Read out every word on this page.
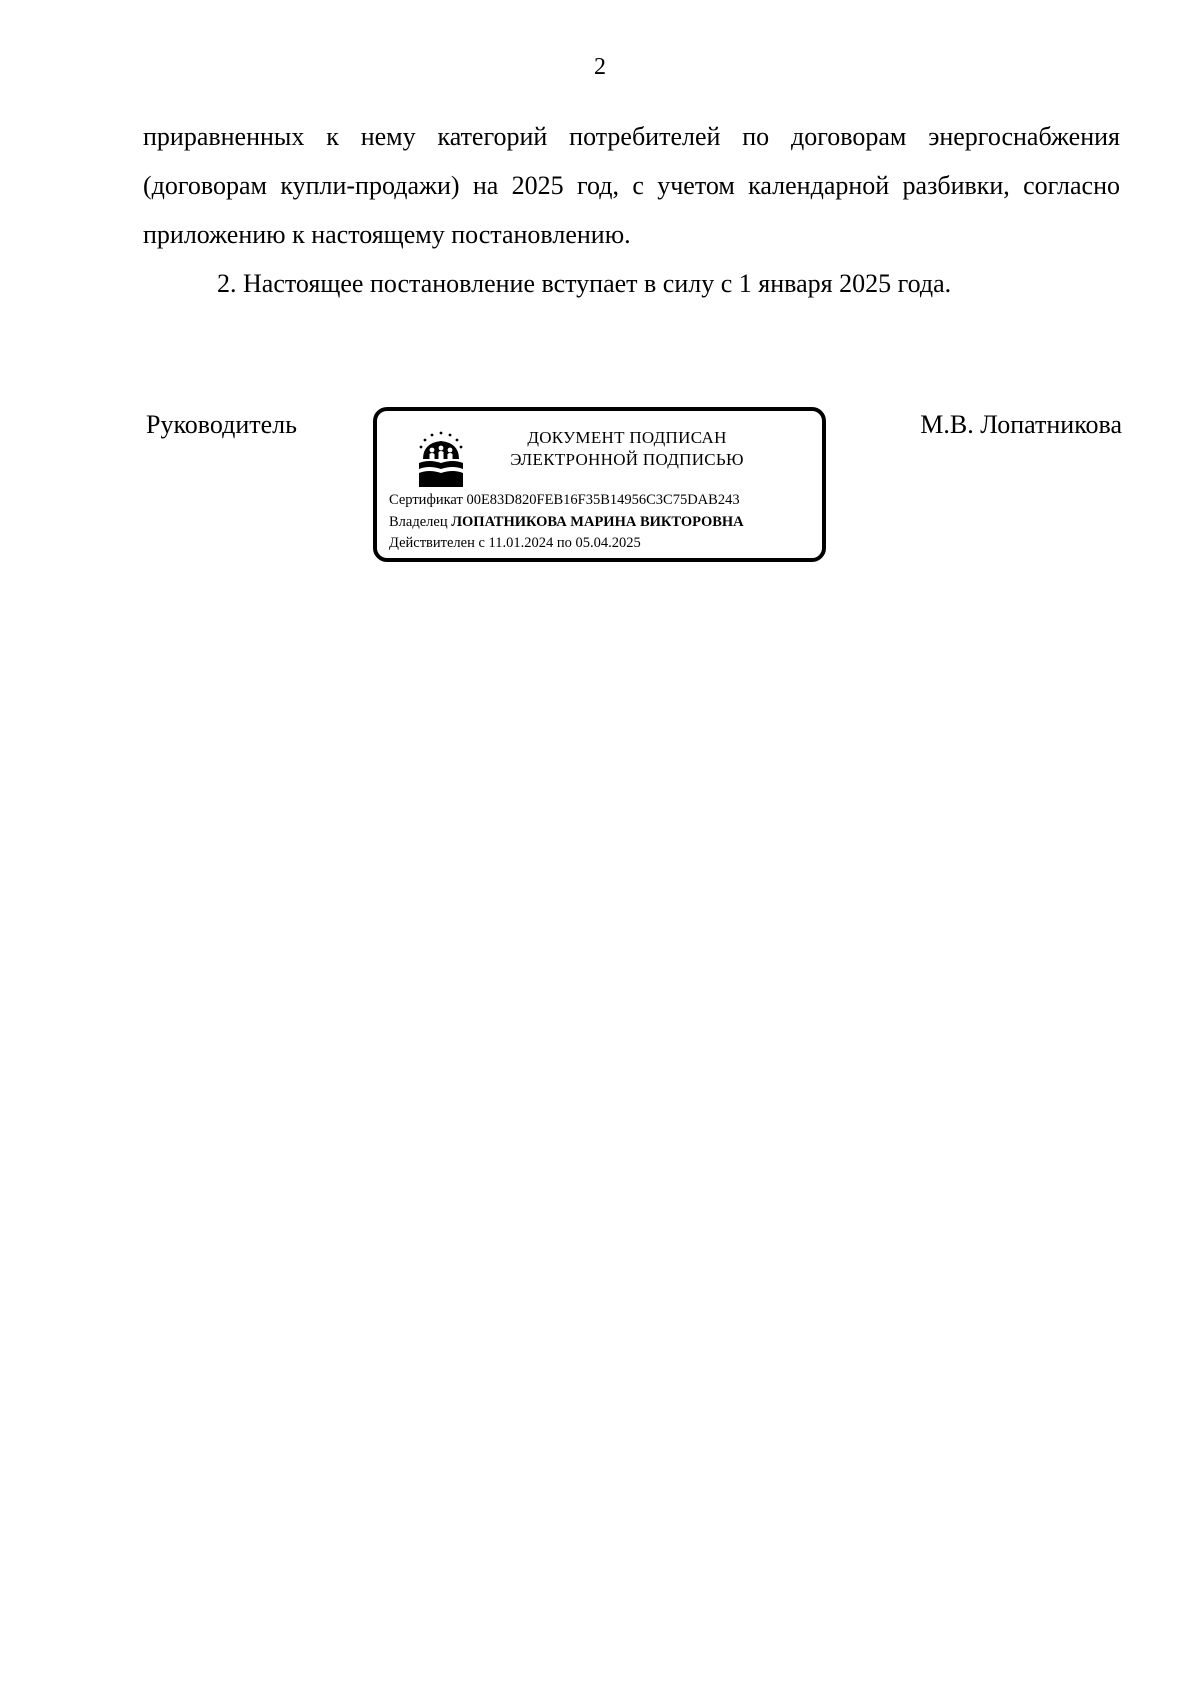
2

приравненных к нему категорий потребителей по договорам энергоснабжения (договорам купли-продажи) на 2025 год, с учетом календарной разбивки, согласно приложению к настоящему постановлению.

2. Настоящее постановление вступает в силу с 1 января 2025 года.

Руководитель	ДОКУМЕНТ ПОДПИСАН
ЭЛЕКТРОННОЙ ПОДПИСЬЮ
Сертификат 00E83D820FEB16F35B14956C3C75DAB243
Владелец ЛОПАТНИКОВА МАРИНА ВИКТОРОВНА
Действителен с 11.01.2024 по 05.04.2025
М.В. Лопатникова
